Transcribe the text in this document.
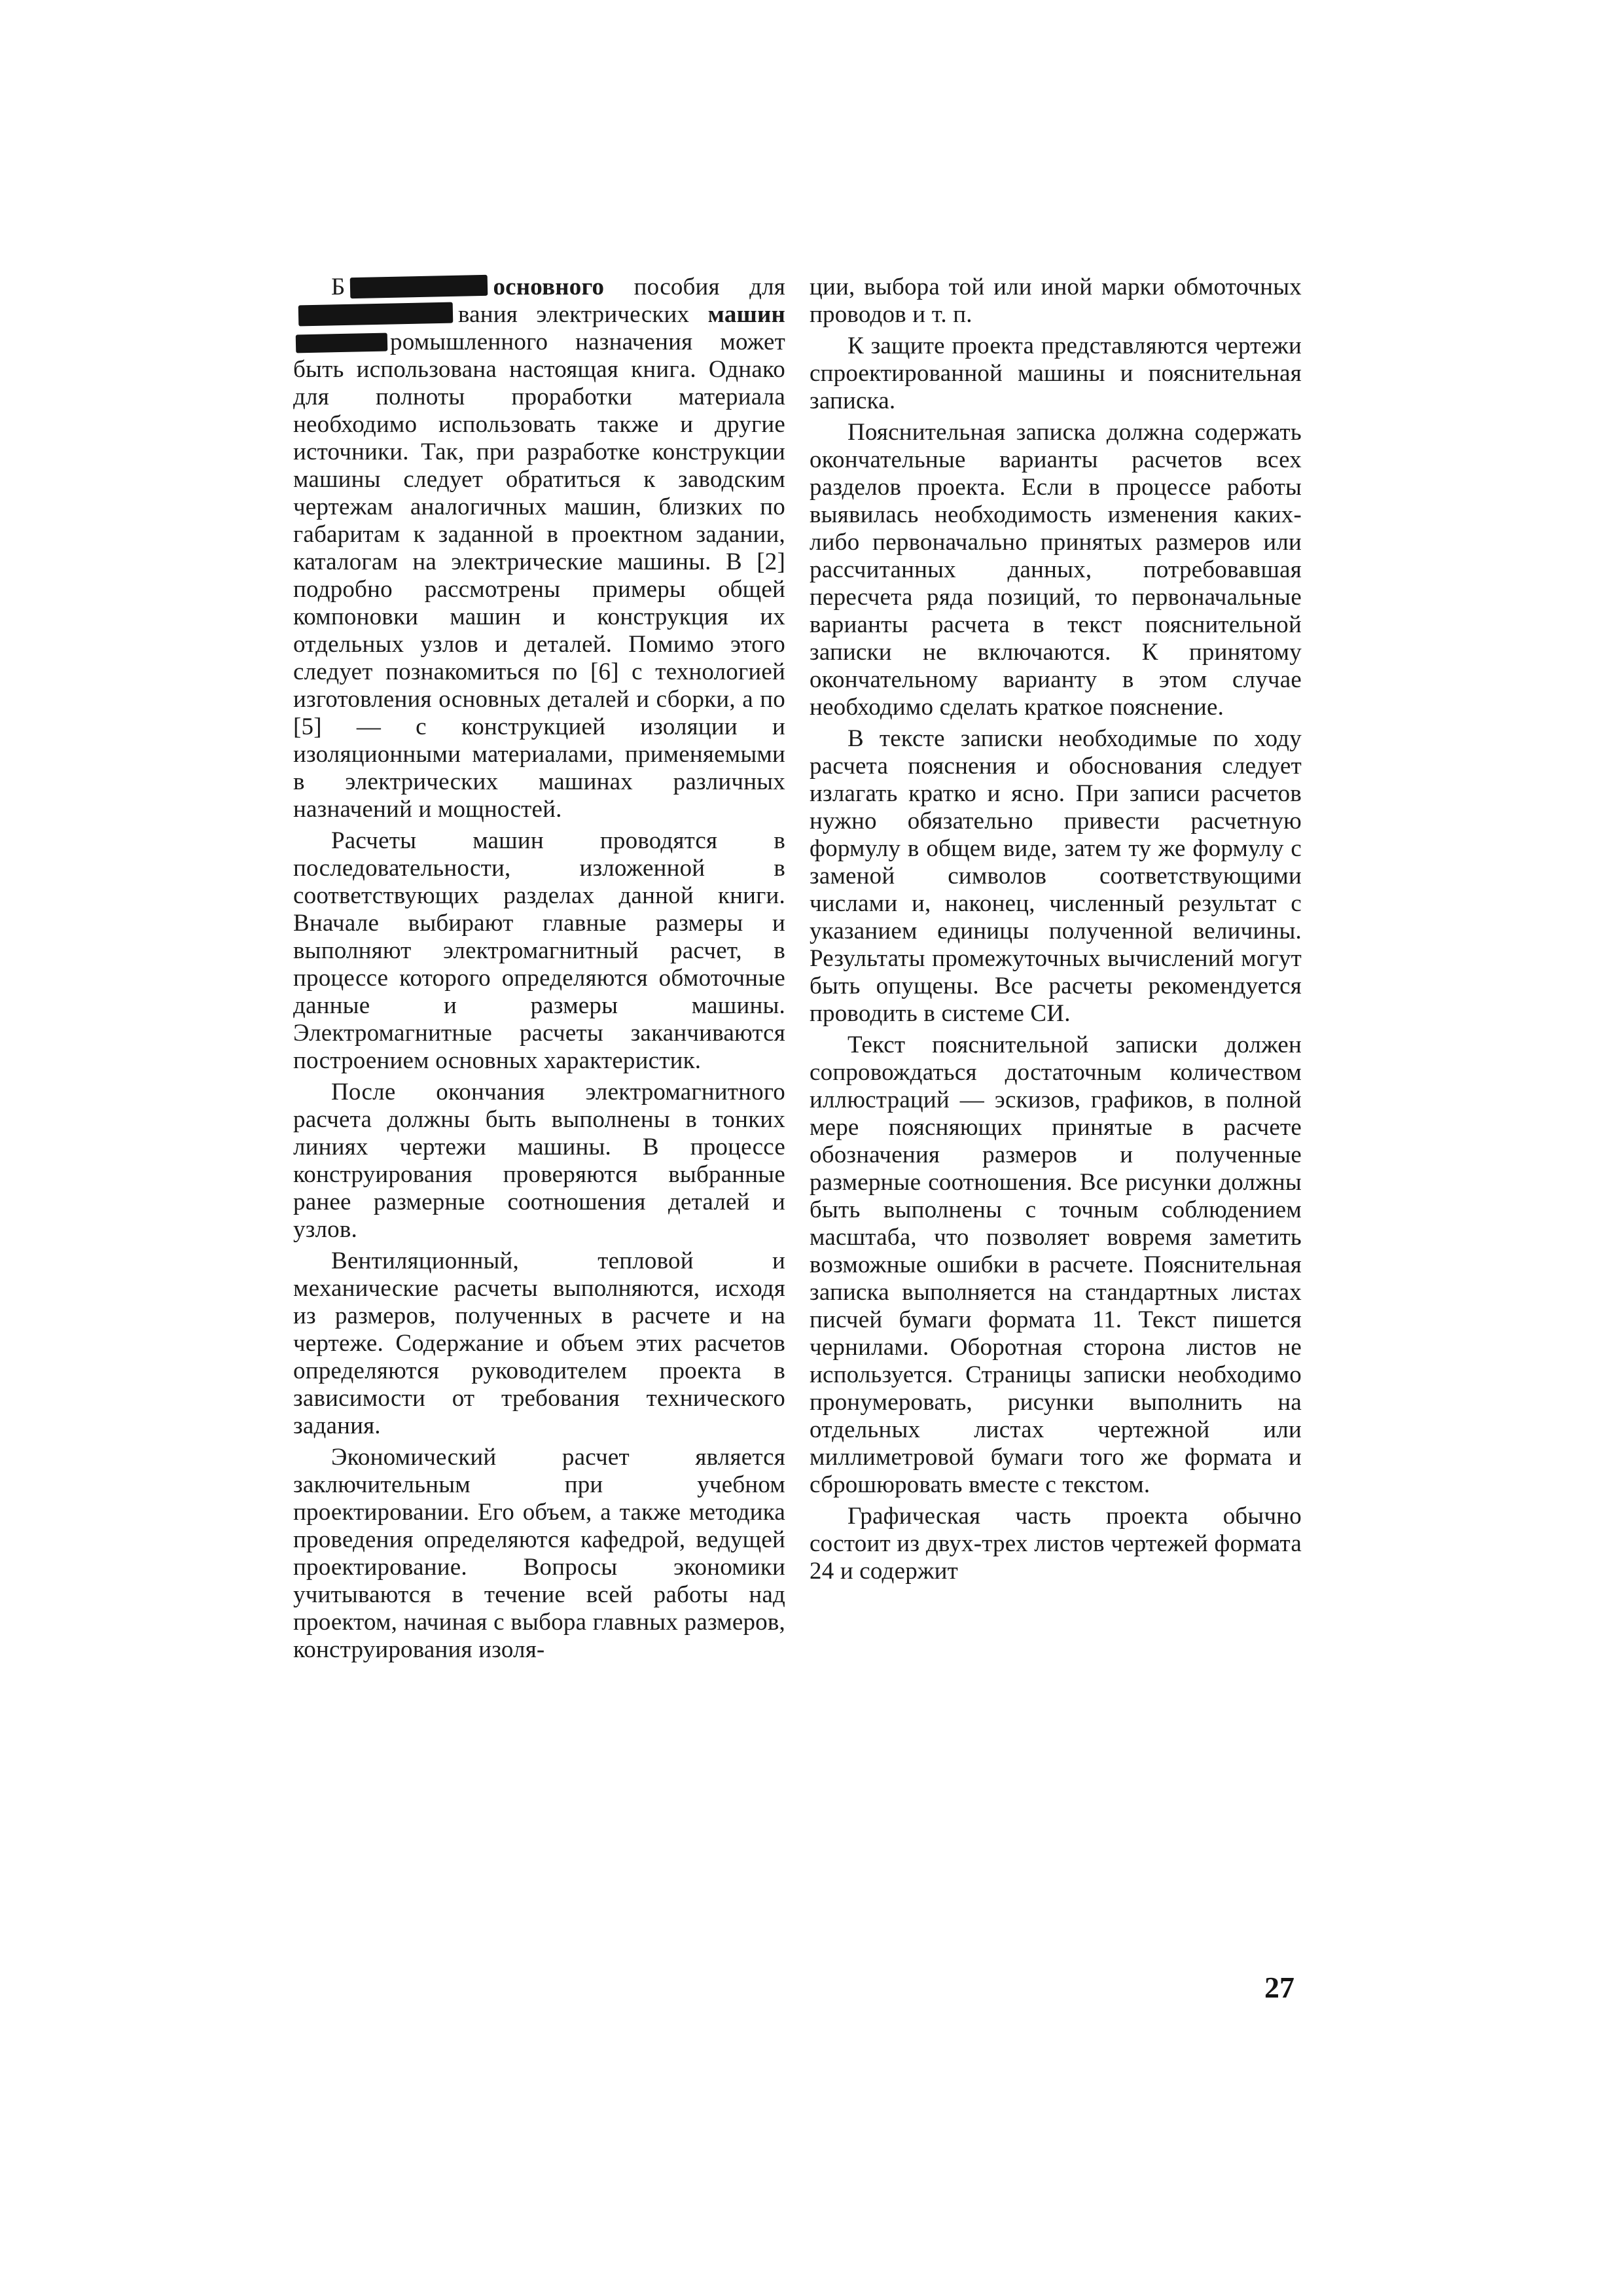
Б	основного пособия длявания электрических машинромышленного назначения может быть использована настоящая книга. Однако для полноты проработки материала необходимо использовать также и другие источники. Так, при разработке конструкции машины следует обратиться к заводским чертежам аналогичных машин, близких по габаритам к заданной в проектном задании, каталогам на электрические машины. В [2] подробно рассмотрены примеры общей компоновки машин и конструкция их отдельных узлов и деталей. Помимо этого следует познакомиться по [6] с технологией изготовления основных деталей и сборки, а по [5] — с конструкцией изоляции и изоляционными материалами, применяемыми в электрических машинах различных назначений и мощностей.

Расчеты машин проводятся в последовательности, изложенной в соответствующих разделах данной книги. Вначале выбирают главные размеры и выполняют электромагнитный расчет, в процессе которого определяются обмоточные данные и размеры машины. Электромагнитные расчеты заканчиваются построением основных характеристик.

После окончания электромагнитного расчета должны быть выполнены в тонких линиях чертежи машины. В процессе конструирования проверяются выбранные ранее размерные соотношения деталей и узлов.

Вентиляционный, тепловой и механические расчеты выполняются, исходя из размеров, полученных в расчете и на чертеже. Содержание и объем этих расчетов определяются руководителем проекта в зависимости от требования технического задания.

Экономический расчет является заключительным при учебном проектировании. Его объем, а также методика проведения определяются кафедрой, ведущей проектирование. Вопросы экономики учитываются в течение всей работы над проектом, начиная с выбора главных размеров, конструирования изоля-

ции, выбора той или иной марки обмоточных проводов и т. п.

К защите проекта представляются чертежи спроектированной машины и пояснительная записка.

Пояснительная записка должна содержать окончательные варианты расчетов всех разделов проекта. Если в процессе работы выявилась необходимость изменения каких-либо первоначально принятых размеров или рассчитанных данных, потребовавшая пересчета ряда позиций, то первоначальные варианты расчета в текст пояснительной записки не включаются. К принятому окончательному варианту в этом случае необходимо сделать краткое пояснение.

В тексте записки необходимые по ходу расчета пояснения и обоснования следует излагать кратко и ясно. При записи расчетов нужно обязательно привести расчетную формулу в общем виде, затем ту же формулу с заменой символов соответствующими числами и, наконец, численный результат с указанием единицы полученной величины. Результаты промежуточных вычислений могут быть опущены. Все расчеты рекомендуется проводить в системе СИ.

Текст пояснительной записки должен сопровождаться достаточным количеством иллюстраций — эскизов, графиков, в полной мере поясняющих принятые в расчете обозначения размеров и полученные размерные соотношения. Все рисунки должны быть выполнены с точным соблюдением масштаба, что позволяет вовремя заметить возможные ошибки в расчете. Пояснительная записка выполняется на стандартных листах писчей бумаги формата 11. Текст пишется чернилами. Оборотная сторона листов не используется. Страницы записки необходимо пронумеровать, рисунки выполнить на отдельных листах чертежной или миллиметровой бумаги того же формата и сброшюровать вместе с текстом.

Графическая часть проекта обычно состоит из двух-трех листов чертежей формата 24 и содержит

27
